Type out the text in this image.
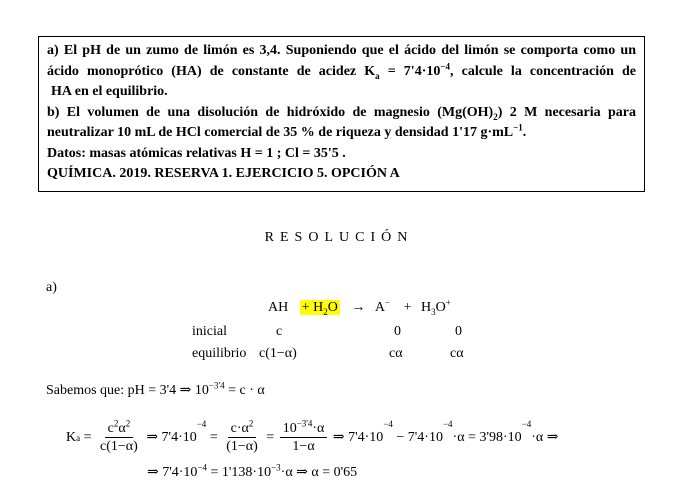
a) El pH de un zumo de limón es 3,4. Suponiendo que el ácido del limón se comporta como un
ácido monoprótico (HA) de constante de acidez $K_a = 7'4\cdot 10^{-4}$, calcule la concentración de
HA en el equilibrio.
b) El volumen de una disolución de hidróxido de magnesio $(Mg(OH)_2)$ 2 M necesaria para
neutralizar 10 mL de HCl comercial de 35 % de riqueza y densidad 1'17 $g\cdot mL^{-1}$.
Datos: masas atómicas relativas H = 1 ; Cl = 35'5 .
QUÍMICA. 2019. RESERVA 1. EJERCICIO 5. OPCIÓN A
RESOLUCIÓN
a)
AH + $H_2O \to A^- + H_3O^+$
inicial	c	0	0
equilibrio c(1−α)	cα	cα
Sabemos que: pH = 3'4 ⇒ $10^{-3'4} = c \cdot \alpha$
K $a = \frac{c^2\alpha^2}{c(1-\alpha)}$ ⇒ 7'4·10
−4
= $\frac{c\cdot\alpha^2}{(1-\alpha)} = \frac{10^{-3'4}\cdot\alpha}{1-\alpha}$ ⇒ 7'4·10
−4
− 7'4·10
−4
·α = 3'98·10
−4
·α ⇒
⇒ $7'4\cdot 10^{-4} = 1'138\cdot 10^{-3}\cdot\alpha$ ⇒ α = 0'65
